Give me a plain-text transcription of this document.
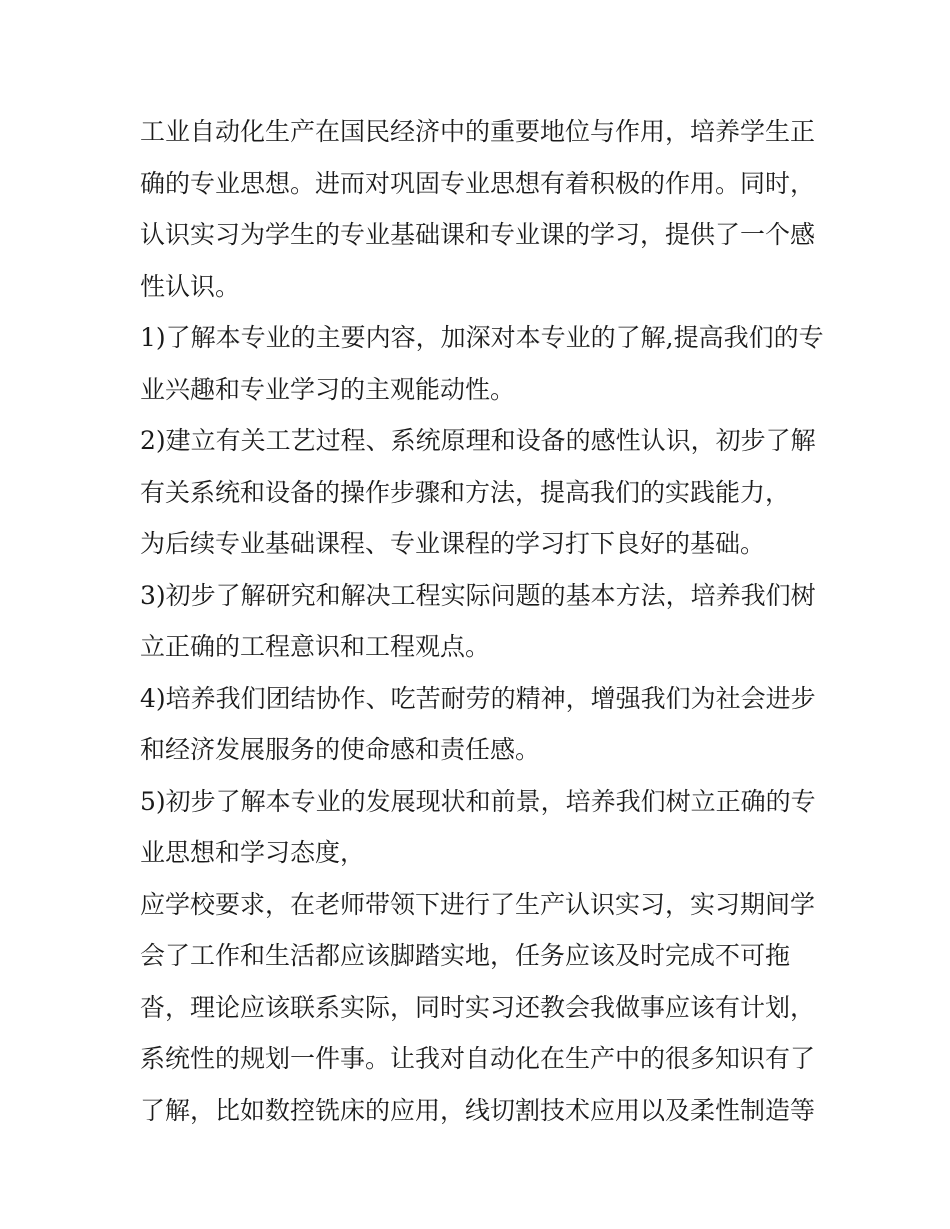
工业自动化生产在国民经济中的重要地位与作用，培养学生正
确的专业思想。进而对巩固专业思想有着积极的作用。同时，
认识实习为学生的专业基础课和专业课的学习，提供了一个感
性认识。
1)了解本专业的主要内容，加深对本专业的了解,提高我们的专
业兴趣和专业学习的主观能动性。
2)建立有关工艺过程、系统原理和设备的感性认识，初步了解
有关系统和设备的操作步骤和方法，提高我们的实践能力，
为后续专业基础课程、专业课程的学习打下良好的基础。
3)初步了解研究和解决工程实际问题的基本方法，培养我们树
立正确的工程意识和工程观点。
4)培养我们团结协作、吃苦耐劳的精神，增强我们为社会进步
和经济发展服务的使命感和责任感。
5)初步了解本专业的发展现状和前景，培养我们树立正确的专
业思想和学习态度，
应学校要求，在老师带领下进行了生产认识实习，实习期间学
会了工作和生活都应该脚踏实地，任务应该及时完成不可拖
沓，理论应该联系实际，同时实习还教会我做事应该有计划，
系统性的规划一件事。让我对自动化在生产中的很多知识有了
了解，比如数控铣床的应用，线切割技术应用以及柔性制造等
